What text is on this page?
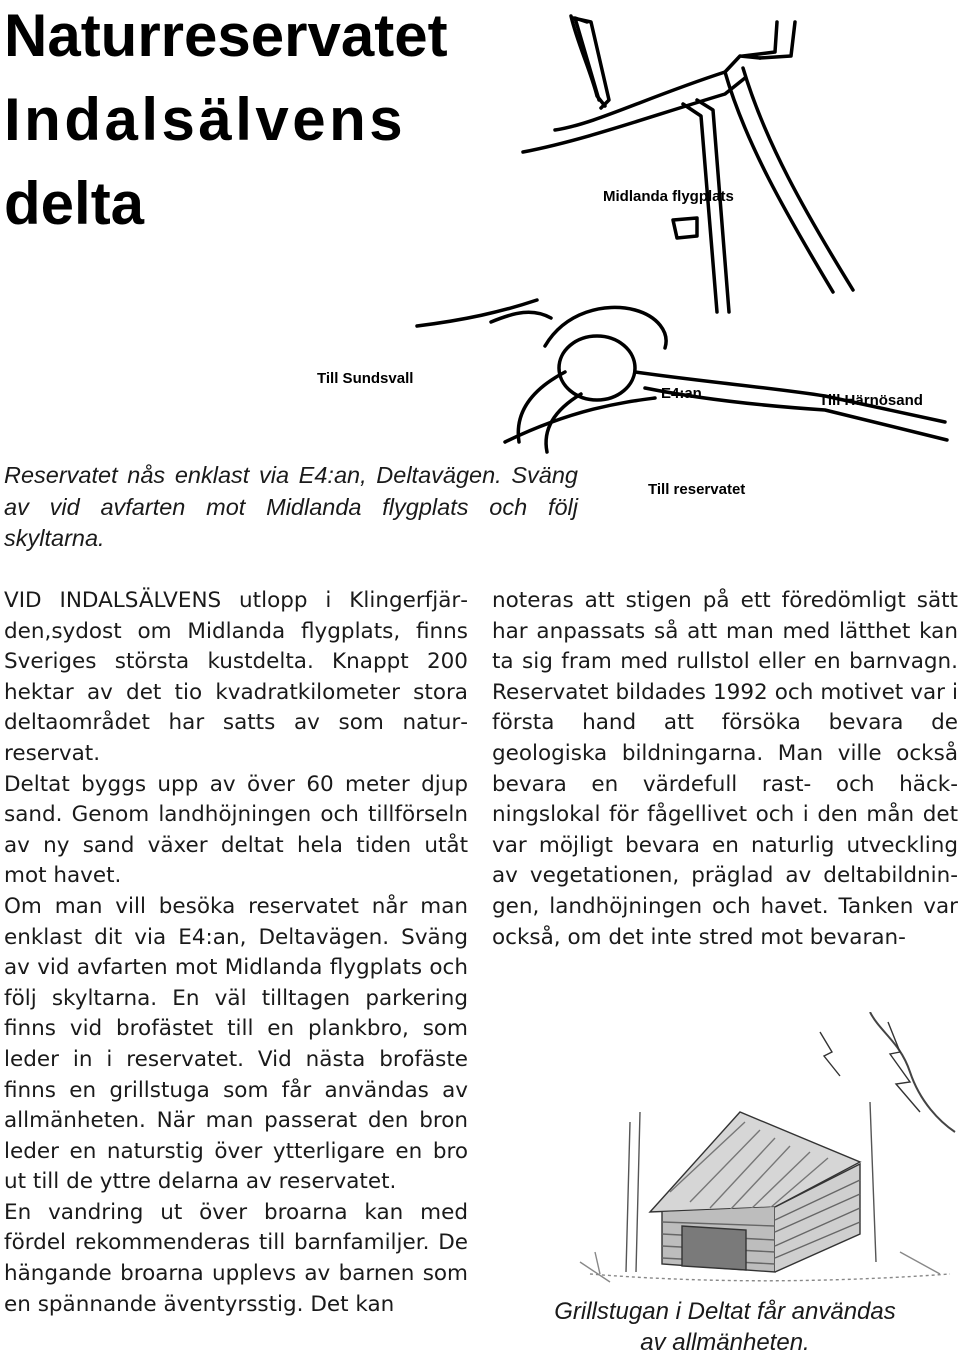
Naturreservatet
Indalsälvens
delta	Midlanda flygplats
Till Sundsvall
E4:an	Till Härnösand
Till reservatet

Reservatet nås enklast via E4:an, Deltavägen. Sväng av vid avfarten mot Midlanda flygplats och följ skyltarna.

VID INDALSÄLVENS utlopp i Klingerfjärden,sydost om Midlanda flygplats, finns Sveriges största kustdelta. Knappt 200 hektar av det tio kvadratkilometer stora deltaområdet har satts av som naturreservat.

Deltat byggs upp av över 60 meter djup sand. Genom landhöjningen och tillförseln av ny sand växer deltat hela tiden utåt mot havet.

Om man vill besöka reservatet når man enklast dit via E4:an, Deltavägen. Sväng av vid avfarten mot Midlanda flygplats och följ skyltarna. En väl tilltagen parkering finns vid brofästet till en plankbro, som leder in i reservatet. Vid nästa brofäste finns en grillstuga som får användas av allmänheten. När man passerat den bron leder en naturstig över ytterligare en bro ut till de yttre delarna av reservatet.

En vandring ut över broarna kan med fördel rekommenderas till barnfamiljer. De hängande broarna upplevs av barnen som en spännande äventyrsstig. Det kan

noteras att stigen på ett föredömligt sätt har anpassats så att man med lätthet kan ta sig fram med rullstol eller en barnvagn. Reservatet bildades 1992 och motivet var i första hand att försöka bevara de geologiska bildningarna. Man ville också bevara en värdefull rast- och häckningslokal för fågellivet och i den mån det var möjligt bevara en naturlig utveckling av vegetationen, präglad av deltabildningen, landhöjningen och havet. Tanken var också, om det inte stred mot bevaran-

Grillstugan i Deltat får användas
av allmänheten.
